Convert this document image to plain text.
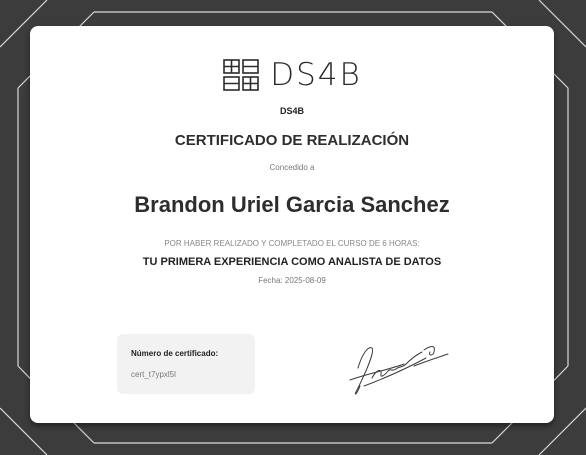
DS4B
DS4B
CERTIFICADO DE REALIZACIÓN
Concedido a
Brandon Uriel Garcia Sanchez
POR HABER REALIZADO Y COMPLETADO EL CURSO DE 6 HORAS:
TU PRIMERA EXPERIENCIA COMO ANALISTA DE DATOS
Fecha: 2025-08-09
Número de certificado:
cert_t7ypxl5l
